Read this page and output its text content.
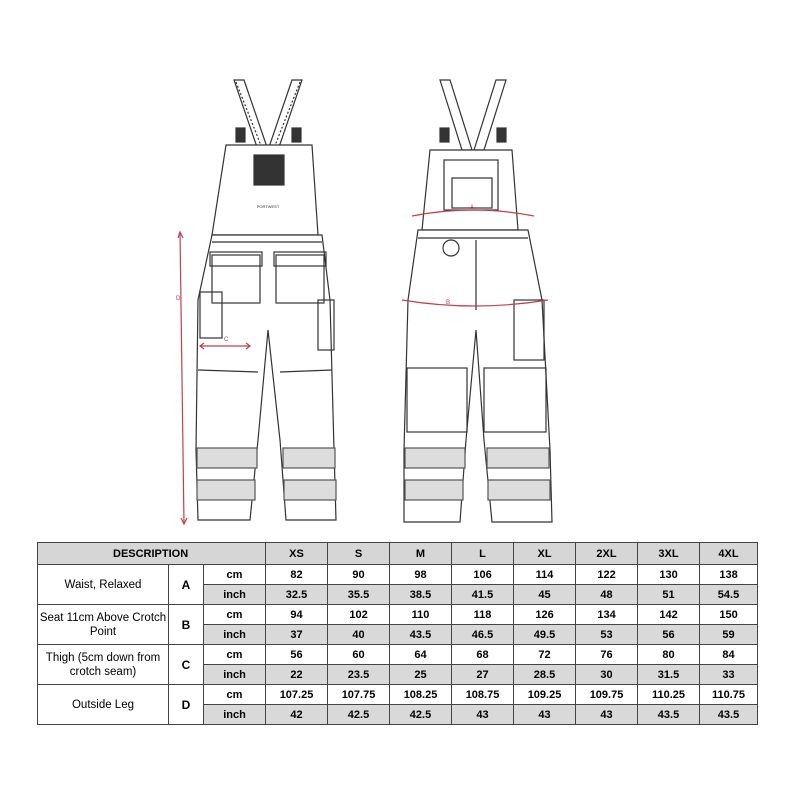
PORTWEST
D
C
A
B
DESCRIPTION			XS	S	M	L	XL	2XL	3XL	4XL
Waist, Relaxed	A	cm	82	90	98	106	114	122	130	138
		inch	32.5	35.5	38.5	41.5	45	48	51	54.5
Seat 11cm Above Crotch Point	B	cm	94	102	110	118	126	134	142	150
		inch	37	40	43.5	46.5	49.5	53	56	59
Thigh (5cm down from crotch seam)	C	cm	56	60	64	68	72	76	80	84
		inch	22	23.5	25	27	28.5	30	31.5	33
Outside Leg	D	cm	107.25	107.75	108.25	108.75	109.25	109.75	110.25	110.75
		inch	42	42.5	42.5	43	43	43	43.5	43.5
